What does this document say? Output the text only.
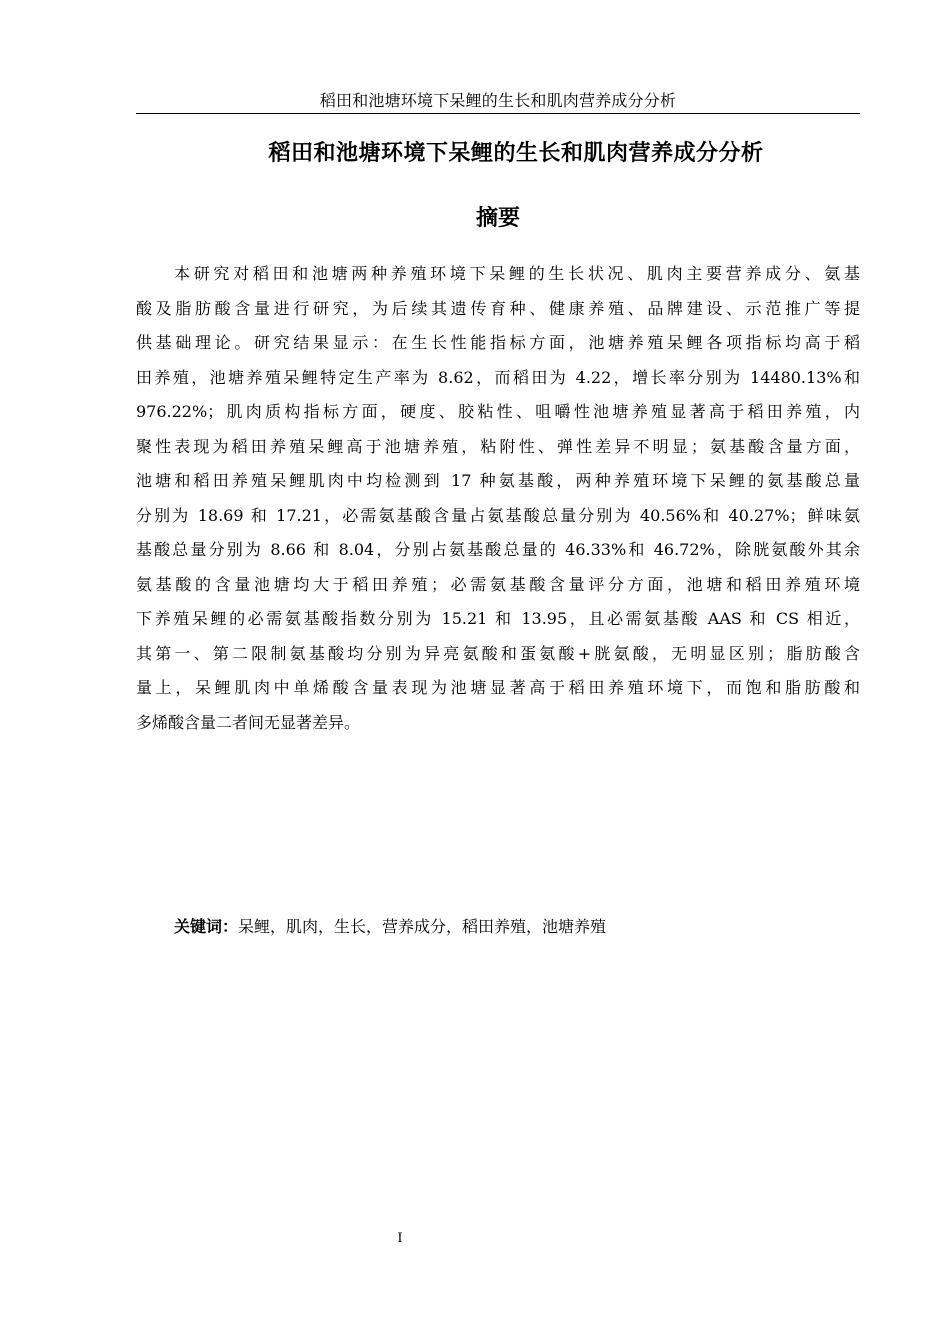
稻田和池塘环境下呆鲤的生长和肌肉营养成分分析
稻田和池塘环境下呆鲤的生长和肌肉营养成分分析
摘要
本研究对稻田和池塘两种养殖环境下呆鲤的生长状况、肌肉主要营养成分、氨基
酸及脂肪酸含量进行研究，为后续其遗传育种、健康养殖、品牌建设、示范推广等提
供基础理论。研究结果显示：在生长性能指标方面，池塘养殖呆鲤各项指标均高于稻
田养殖，池塘养殖呆鲤特定生产率为 8.62，而稻田为 4.22，增长率分别为 14480.13%和
976.22%；肌肉质构指标方面，硬度、胶粘性、咀嚼性池塘养殖显著高于稻田养殖，内
聚性表现为稻田养殖呆鲤高于池塘养殖，粘附性、弹性差异不明显；氨基酸含量方面，
池塘和稻田养殖呆鲤肌肉中均检测到 17 种氨基酸，两种养殖环境下呆鲤的氨基酸总量
分别为 18.69 和 17.21，必需氨基酸含量占氨基酸总量分别为 40.56%和 40.27%；鲜味氨
基酸总量分别为 8.66 和 8.04，分别占氨基酸总量的 46.33%和 46.72%，除胱氨酸外其余
氨基酸的含量池塘均大于稻田养殖；必需氨基酸含量评分方面，池塘和稻田养殖环境
下养殖呆鲤的必需氨基酸指数分别为 15.21 和 13.95，且必需氨基酸 AAS 和 CS 相近，
其第一、第二限制氨基酸均分别为异亮氨酸和蛋氨酸+胱氨酸，无明显区别；脂肪酸含
量上，呆鲤肌肉中单烯酸含量表现为池塘显著高于稻田养殖环境下，而饱和脂肪酸和
多烯酸含量二者间无显著差异。
关键词：呆鲤，肌肉，生长，营养成分，稻田养殖，池塘养殖
I
